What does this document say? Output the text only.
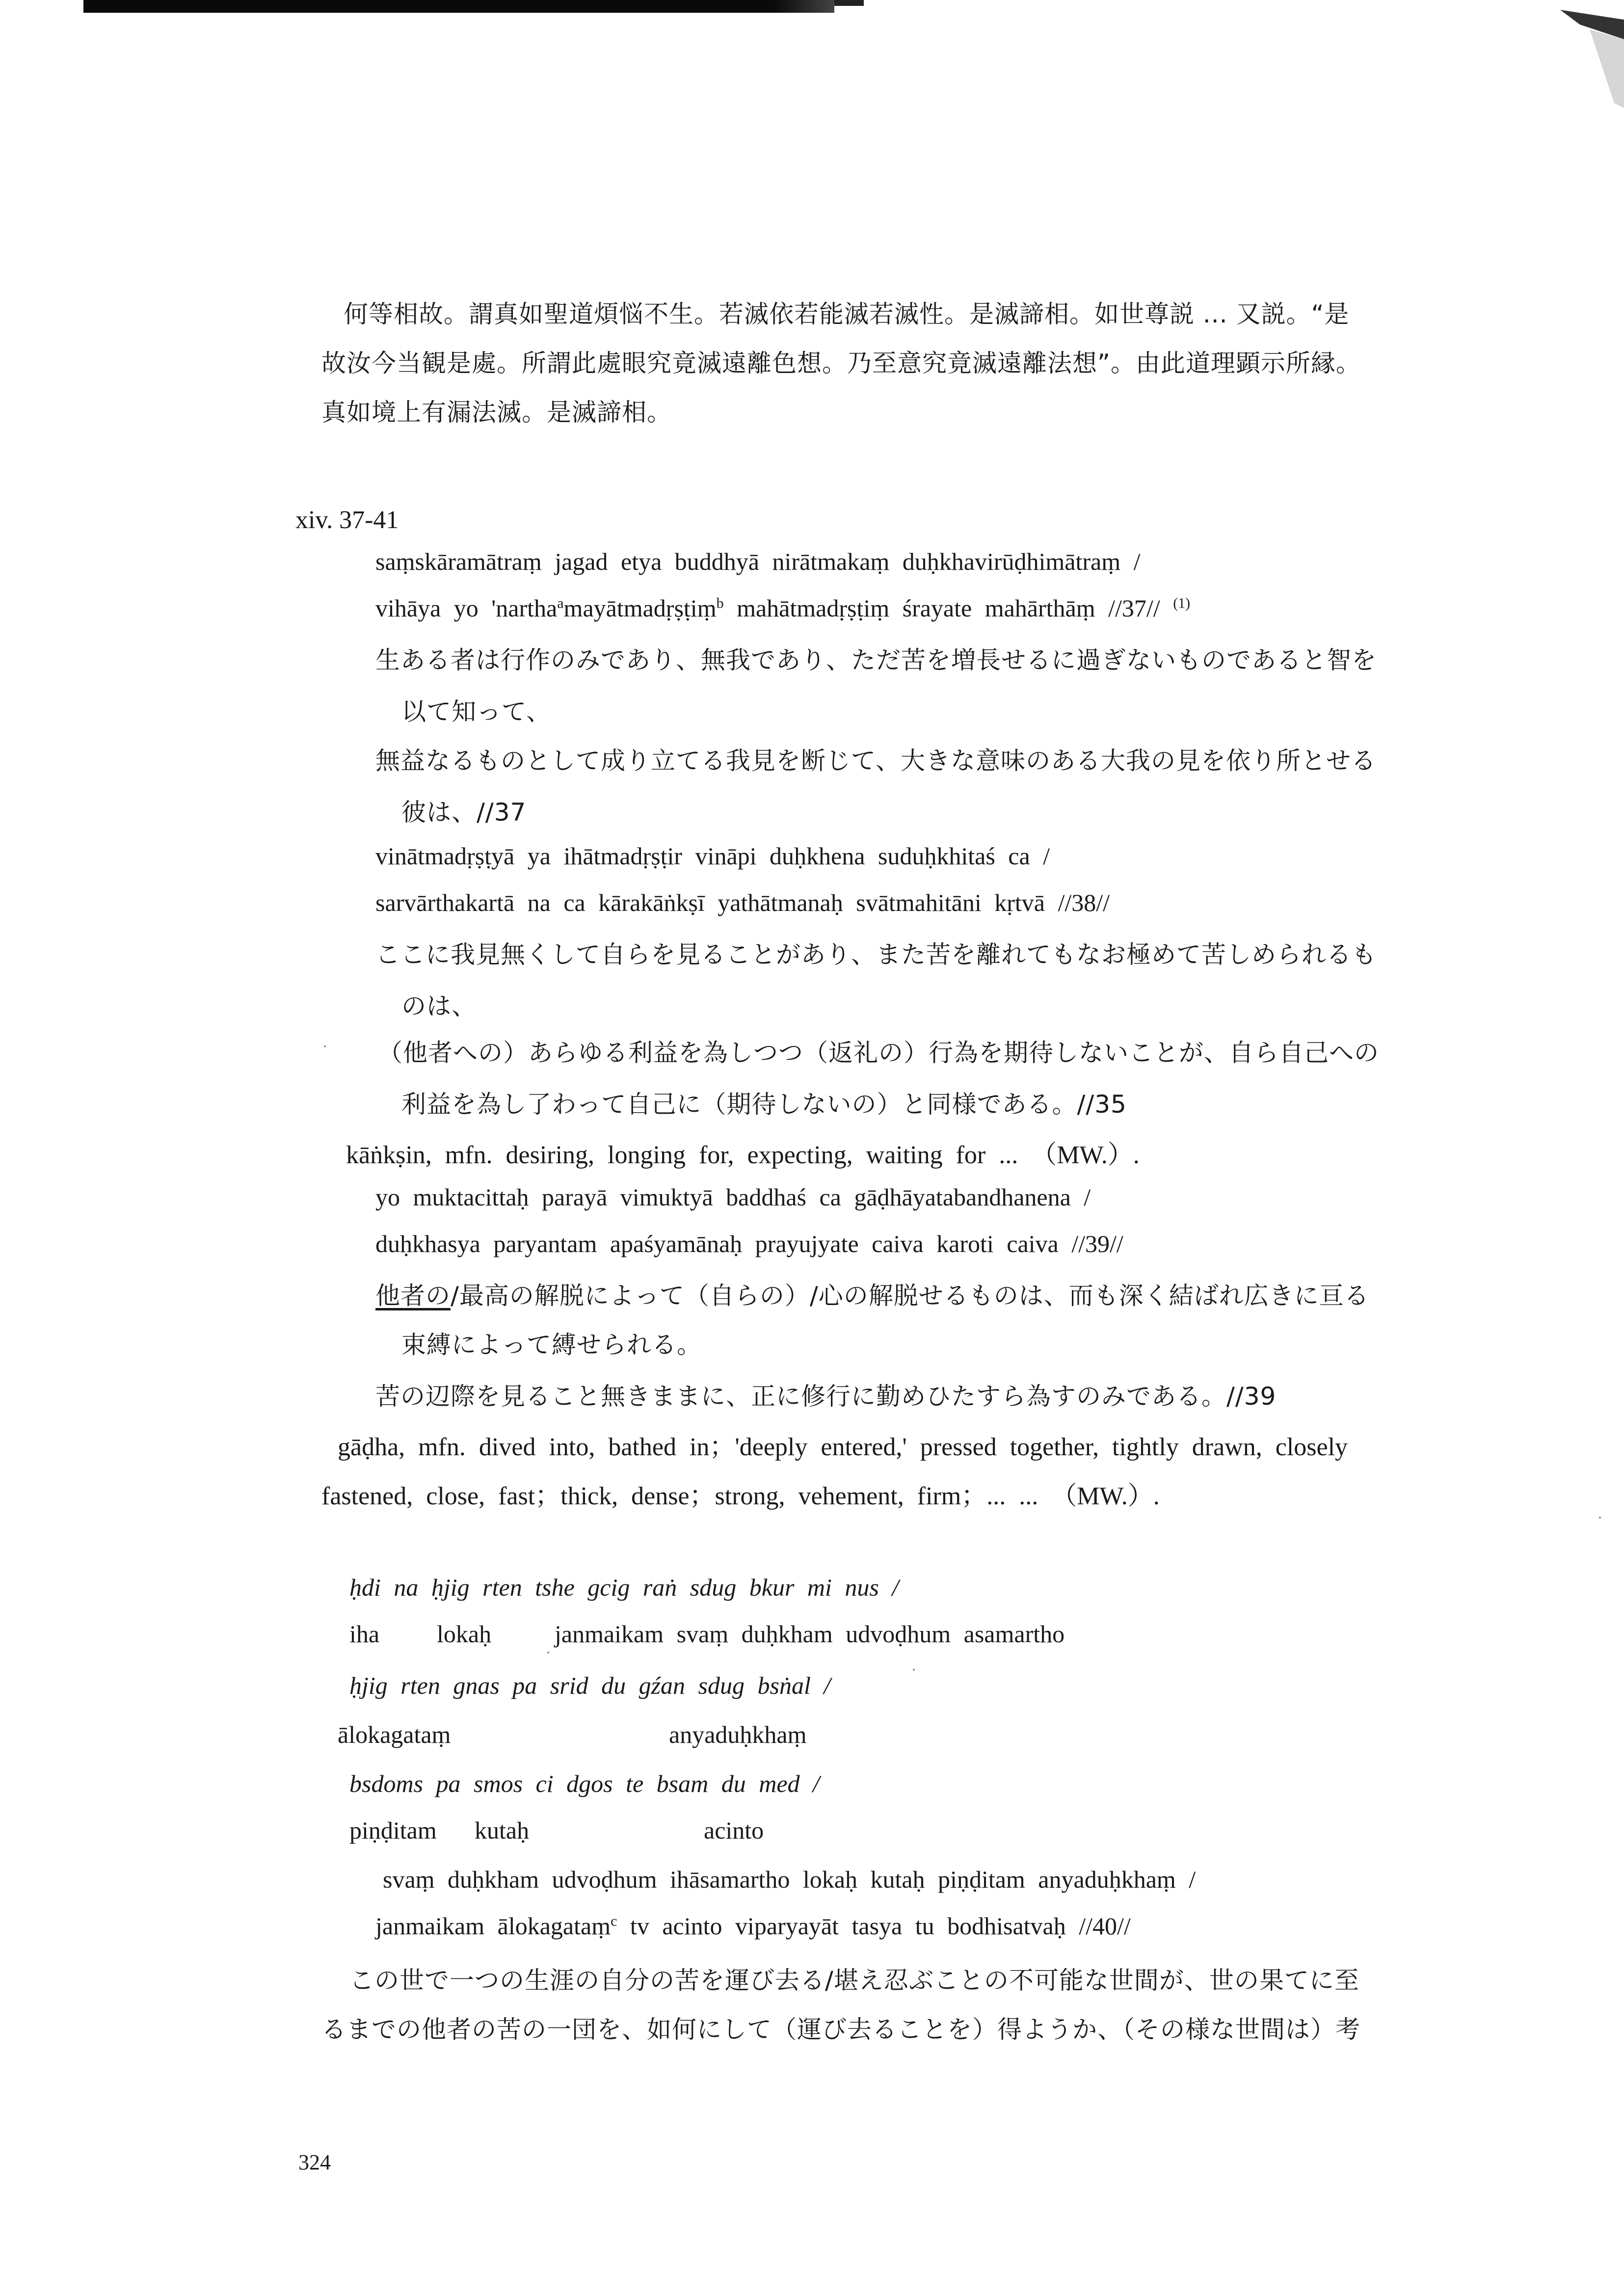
何等相故。謂真如聖道煩悩不生。若滅依若能滅若滅性。是滅諦相。如世尊説 ... 又説。“是
故汝今当観是處。所謂此處眼究竟滅遠離色想。乃至意究竟滅遠離法想”。由此道理顕示所縁。
真如境上有漏法滅。是滅諦相。
xiv. 37-41
saṃskāramātraṃ jagad etya buddhyā nirātmakaṃ duḥkhavirūḍhimātraṃ /
vihāya yo 'nartha$^a$mayātmadṛṣṭiṃ$^b$ mahātmadṛṣṭiṃ śrayate mahārthāṃ //37// $^{(1)}$
生ある者は行作のみであり、無我であり、ただ苦を増長せるに過ぎないものであると智を
以て知って、
無益なるものとして成り立てる我見を断じて、大きな意味のある大我の見を依り所とせる
彼は、//37
vinātmadṛṣṭyā ya ihātmadṛṣṭir vināpi duḥkhena suduḥkhitaś ca /
sarvārthakartā na ca kārakāṅkṣī yathātmanaḥ svātmahitāni kṛtvā //38//
ここに我見無くして自らを見ることがあり、また苦を離れてもなお極めて苦しめられるも
のは、
（他者への）あらゆる利益を為しつつ（返礼の）行為を期待しないことが、自ら自己への
利益を為し了わって自己に（期待しないの）と同様である。//35
kāṅkṣin, mfn. desiring, longing for, expecting, waiting for ... （MW.）.
yo muktacittaḥ parayā vimuktyā baddhaś ca gāḍhāyatabandhanena /
duḥkhasya paryantam apaśyamānaḥ prayujyate caiva karoti caiva //39//
他者の/最高の解脱によって（自らの）/心の解脱せるものは、而も深く結ばれ広きに亘る
束縛によって縛せられる。
苦の辺際を見ること無きままに、正に修行に勤めひたすら為すのみである。//39
gāḍha, mfn. dived into, bathed in；'deeply entered,' pressed together, tightly drawn, closely
fastened, close, fast；thick, dense；strong, vehement, firm；... ... （MW.）.
ḥdi na ḥjig rten tshe gcig raṅ sdug bkur mi nus /
iha lokaḥ	janmaikam svaṃ duḥkham udvoḍhum asamartho
ḥjig rten gnas pa srid du gźan sdug bsṅal /
ālokagataṃ	anyaduḥkhaṃ
bsdoms pa smos ci dgos te bsam du med /
piṇḍitam kutaḥ	acinto
svaṃ duḥkham udvoḍhum ihāsamartho lokaḥ kutaḥ piṇḍitam anyaduḥkhaṃ /
janmaikam ālokagataṃ$^c$ tv acinto viparyayāt tasya tu bodhisatvaḥ //40//
この世で一つの生涯の自分の苦を運び去る/堪え忍ぶことの不可能な世間が、世の果てに至
るまでの他者の苦の一団を、如何にして（運び去ることを）得ようか、（その様な世間は）考
324
